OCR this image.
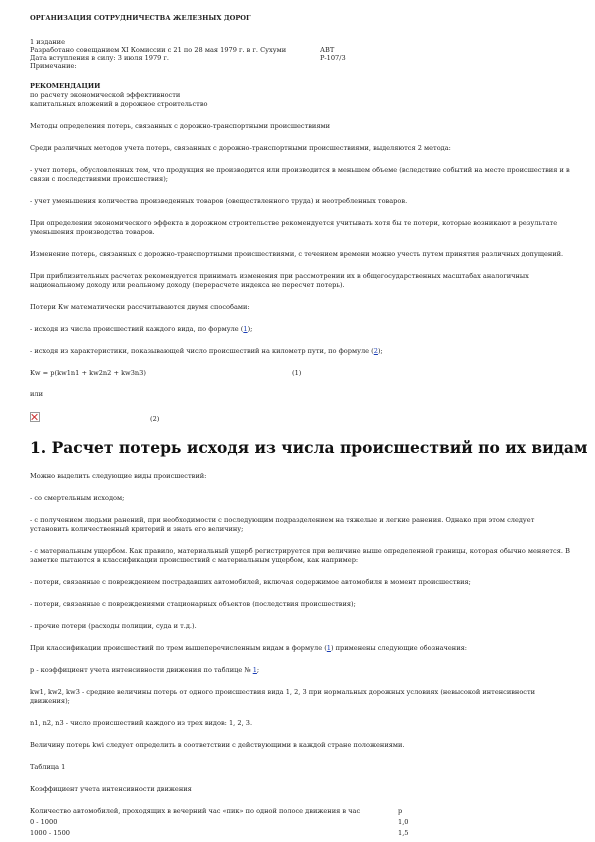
ОРГАНИЗАЦИЯ СОТРУДНИЧЕСТВА ЖЕЛЕЗНЫХ ДОРОГ

1 издание
Разработано совещанием XI Комиссии с 21 по 28 мая 1979 г. в г. Сухуми	АВТ
Дата вступления в силу: 3 июля 1979 г.	Р-107/3
Примечание:

РЕКОМЕНДАЦИИ

по расчету экономической эффективности

капитальных вложений в дорожное строительство

Методы определения потерь, связанных с дорожно-транспортными происшествиями

Среди различных методов учета потерь, связанных с дорожно-транспортными происшествиями, выделяются 2 метода:

- учет потерь, обусловленных тем, что продукция не производится или производится в меньшем объеме (вследствие событий на месте происшествия и в связи с последствиями происшествия);

- учет уменьшения количества произведенных товаров (овеществленного труда) и неотребленных товаров.

При определении экономического эффекта в дорожном строительстве рекомендуется учитывать хотя бы те потери, которые возникают в результате уменьшения производства товаров.

Изменение потерь, связанных с дорожно-транспортными происшествиями, с течением времени можно учесть путем принятия различных допущений.

При приблизительных расчетах рекомендуется принимать изменения при рассмотрении их в общегосударственных масштабах аналогичных национальному доходу или реальному доходу (перерасчете индекса не пересчет потерь).

Потери Кw математически рассчитываются двумя способами:

- исходя из числа происшествий каждого вида, по формуле (1);

- исходя из характеристики, показывающей число происшествий на километр пути, по формуле (2);

Kw = p(kw1n1 + kw2n2 + kw3n3)	(1)

или

(2)
1. Расчет потерь исходя из числа происшествий по их видам

Можно выделить следующие виды происшествий:

- со смертельным исходом;

- с получением людьми ранений, при необходимости с последующим подразделением на тяжелые и легкие ранения. Однако при этом следует установить количественный критерий и знать его величину;

- с материальным ущербом. Как правило, материальный ущерб регистрируется при величине выше определенной границы, которая обычно меняется. В заметке пытаются в классификации происшествий с материальным ущербом, как например:

- потери, связанные с повреждением пострадавших автомобилей, включая содержимое автомобиля в момент происшествия;

- потери, связанные с повреждениями стационарных объектов (последствия происшествия);

- прочие потери (расходы полиции, суда и т.д.).

При классификации происшествий по трем вышеперечисленным видам в формуле (1) применены следующие обозначения:

p - коэффициент учета интенсивности движения по таблице № 1;

kw1, kw2, kw3 - средние величины потерь от одного происшествия вида 1, 2, 3 при нормальных дорожных условиях (невысокой интенсивности движения);

n1, n2, n3 - число происшествий каждого из трех видов: 1, 2, 3.

Величину потерь kwi следует определить в соответствии с действующими в каждой стране положениями.

Таблица 1

Коэффициент учета интенсивности движения

Количество автомобилей, проходящих в вечерний час «пик» по одной полосе движения в час	p
0 - 1000	1,0
1000 - 1500	1,5
